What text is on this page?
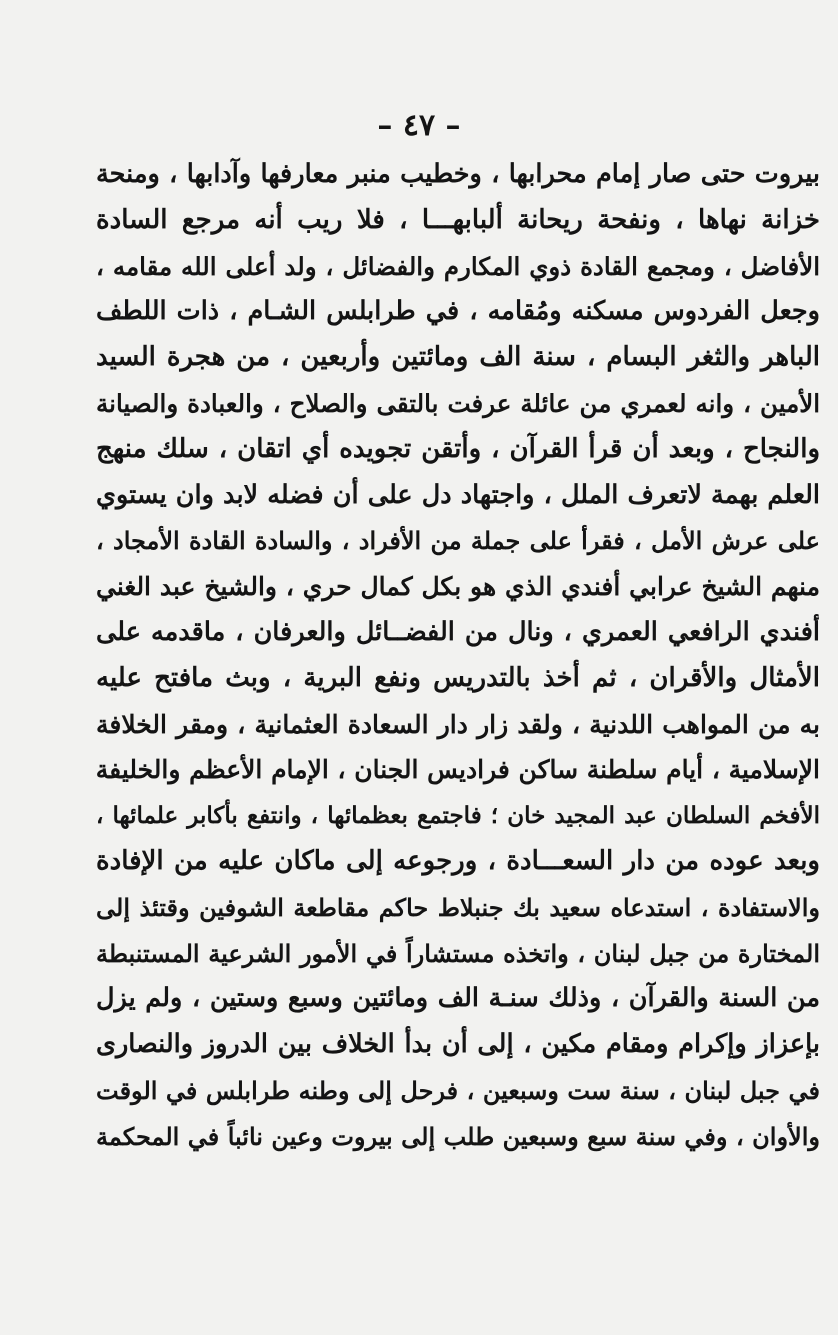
– ٤٧ –
بيروت حتى صار إمام محرابها ، وخطيب منبر معارفها وآدابها ، ومنحة
خزانة نهاها ، ونفحة ريحانة ألبابهـــا ، فلا ريب أنه مرجع السادة
الأفاضل ، ومجمع القادة ذوي المكارم والفضائل ، ولد أعلى الله مقامه ،
وجعل الفردوس مسكنه ومُقامه ، في طرابلس الشـام ، ذات اللطف
الباهر والثغر البسام ، سنة الف ومائتين وأربعين ، من هجرة السيد
الأمين ، وانه لعمري من عائلة عرفت بالتقى والصلاح ، والعبادة والصيانة
والنجاح ، وبعد أن قرأ القرآن ، وأتقن تجويده أي اتقان ، سلك منهج
العلم بهمة لاتعرف الملل ، واجتهاد دل على أن فضله لابد وان يستوي
على عرش الأمل ، فقرأ على جملة من الأفراد ، والسادة القادة الأمجاد ،
منهم الشيخ عرابي أفندي الذي هو بكل كمال حري ، والشيخ عبد الغني
أفندي الرافعي العمري ، ونال من الفضــائل والعرفان ، ماقدمه على
الأمثال والأقران ، ثم أخذ بالتدريس ونفع البرية ، وبث مافتح عليه
به من المواهب اللدنية ، ولقد زار دار السعادة العثمانية ، ومقر الخلافة
الإسلامية ، أيام سلطنة ساكن فراديس الجنان ، الإمام الأعظم والخليفة
الأفخم السلطان عبد المجيد خان ؛ فاجتمع بعظمائها ، وانتفع بأكابر علمائها ،
وبعد عوده من دار السعـــادة ، ورجوعه إلى ماكان عليه من الإفادة
والاستفادة ، استدعاه سعيد بك جنبلاط حاكم مقاطعة الشوفين وقتئذ إلى
المختارة من جبل لبنان ، واتخذه مستشاراً في الأمور الشرعية المستنبطة
من السنة والقرآن ، وذلك سنـة الف ومائتين وسبع وستين ، ولم يزل
بإعزاز وإكرام ومقام مكين ، إلى أن بدأ الخلاف بين الدروز والنصارى
في جبل لبنان ، سنة ست وسبعين ، فرحل إلى وطنه طرابلس في الوقت
والأوان ، وفي سنة سبع وسبعين طلب إلى بيروت وعين نائباً في المحكمة
